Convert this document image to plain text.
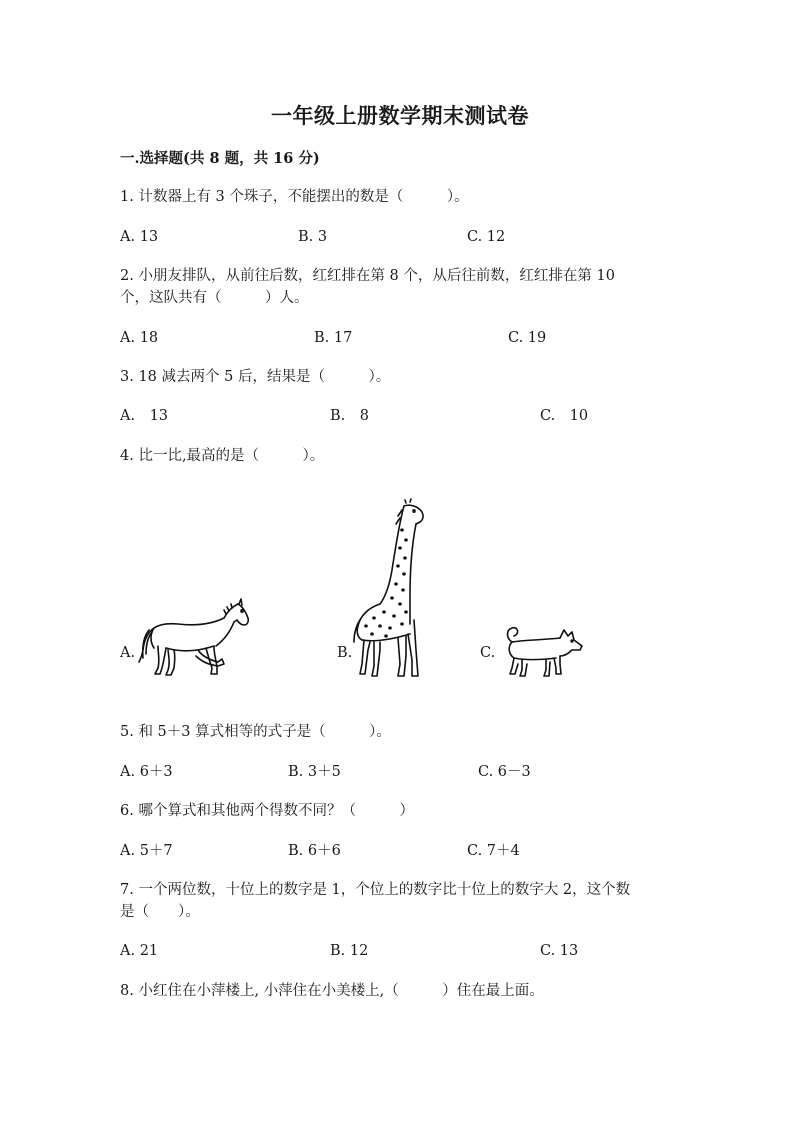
一年级上册数学期末测试卷
一.选择题(共 8 题，共 16 分)
1. 计数器上有 3 个珠子，不能摆出的数是（　　　）。
A. 13	B. 3	C. 12
2. 小朋友排队，从前往后数，红红排在第 8 个，从后往前数，红红排在第 10
个，这队共有（　　　）人。
A. 18	B. 17	C. 19
3. 18 减去两个 5 后，结果是（　　　）。
A.　13	B.　8	C.　10
4. 比一比,最高的是（　　　）。
A.	B.	C.
5. 和 5＋3 算式相等的式子是（　　　）。
A. 6＋3	B. 3＋5	C. 6－3
6. 哪个算式和其他两个得数不同？（　　　）
A. 5＋7	B. 6＋6	C. 7＋4
7. 一个两位数，十位上的数字是 1，个位上的数字比十位上的数字大 2，这个数
是（　　）。
A. 21	B. 12	C. 13
8. 小红住在小萍楼上, 小萍住在小美楼上,（　　　）住在最上面。
